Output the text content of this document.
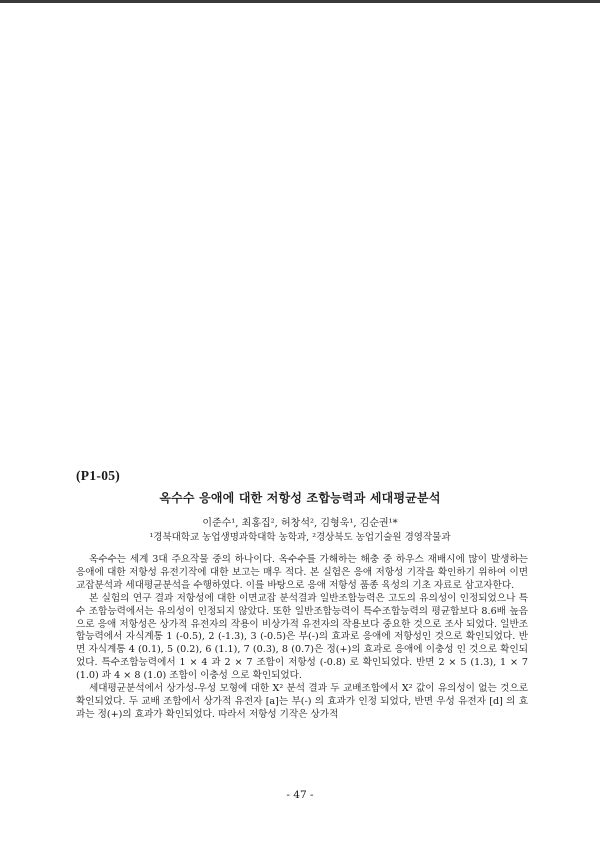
(P1-05)
옥수수 응애에 대한 저항성 조합능력과 세대평균분석
이준수¹, 최홍집², 허창석², 김형욱¹, 김순권¹*
¹경북대학교 농업생명과학대학 농학과, ²경상북도 농업기술원 경영작물과

옥수수는 세계 3대 주요작물 중의 하나이다. 옥수수를 가해하는 해충 중 하우스 재배시에 많이 발생하는 응애에 대한 저항성 유전기작에 대한 보고는 매우 적다. 본 실험은 응애 저항성 기작을 확인하기 위하여 이면교잡분석과 세대평균분석을 수행하였다. 이를 바탕으로 응애 저항성 품종 육성의 기초 자료로 삼고자한다.

본 실험의 연구 결과 저항성에 대한 이면교잡 분석결과 일반조합능력은 고도의 유의성이 인정되었으나 특수 조합능력에서는 유의성이 인정되지 않았다. 또한 일반조합능력이 특수조합능력의 평균합보다 8.6배 높음으로 응애 저항성은 상가적 유전자의 작용이 비상가적 유전자의 작용보다 중요한 것으로 조사 되었다. 일반조합능력에서 자식계통 1 (-0.5), 2 (-1.3), 3 (-0.5)은 부(-)의 효과로 응애에 저항성인 것으로 확인되었다. 반면 자식계통 4 (0.1), 5 (0.2), 6 (1.1), 7 (0.3), 8 (0.7)은 정(+)의 효과로 응애에 이충성 인 것으로 확인되었다. 특수조합능력에서 1 × 4 과 2 × 7 조합이 저항성 (-0.8) 로 확인되었다. 반면 2 × 5 (1.3), 1 × 7 (1.0) 과 4 × 8 (1.0) 조합이 이충성 으로 확인되었다.

세대평균분석에서 상가성-우성 모형에 대한 X² 분석 결과 두 교배조합에서 X² 값이 유의성이 없는 것으로 확인되었다. 두 교배 조합에서 상가적 유전자 [a]는 부(-) 의 효과가 인정 되었다, 반면 우성 유전자 [d] 의 효과는 정(+)의 효과가 확인되었다. 따라서 저항성 기작은 상가적

- 47 -
